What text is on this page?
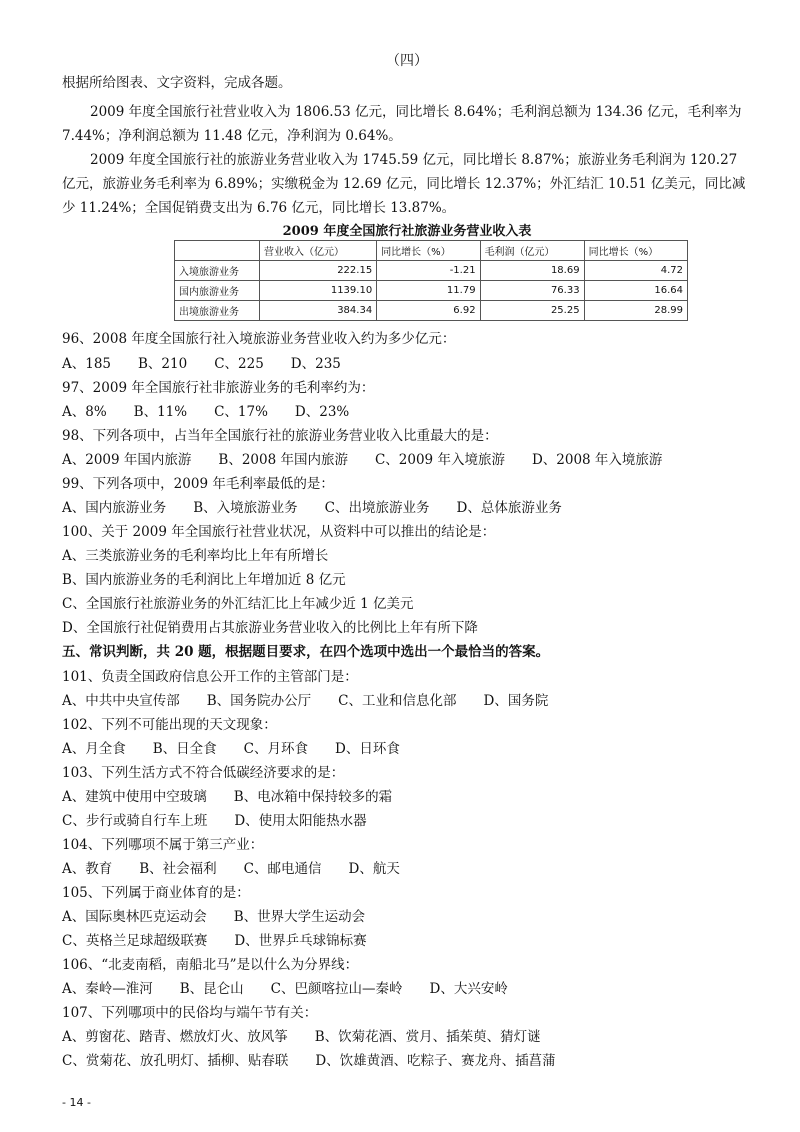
（四）
根据所给图表、文字资料，完成各题。
2009 年度全国旅行社营业收入为 1806.53 亿元，同比增长 8.64%；毛利润总额为 134.36 亿元，毛利率为
7.44%；净利润总额为 11.48 亿元，净利润为 0.64%。
2009 年度全国旅行社的旅游业务营业收入为 1745.59 亿元，同比增长 8.87%；旅游业务毛利润为 120.27
亿元，旅游业务毛利率为 6.89%；实缴税金为 12.69 亿元，同比增长 12.37%；外汇结汇 10.51 亿美元，同比减
少 11.24%；全国促销费支出为 6.76 亿元，同比增长 13.87%。
2009 年度全国旅行社旅游业务营业收入表
	营业收入（亿元）	同比增长（%）	毛利润（亿元）	同比增长（%）
入境旅游业务	222.15	-1.21	18.69	4.72
国内旅游业务	1139.10	11.79	76.33	16.64
出境旅游业务	384.34	6.92	25.25	28.99
96、2008 年度全国旅行社入境旅游业务营业收入约为多少亿元：
A、185　　B、210　　C、225　　D、235
97、2009 年全国旅行社非旅游业务的毛利率约为：
A、8%　　B、11%　　C、17%　　D、23%
98、下列各项中，占当年全国旅行社的旅游业务营业收入比重最大的是：
A、2009 年国内旅游　　B、2008 年国内旅游　　C、2009 年入境旅游　　D、2008 年入境旅游
99、下列各项中，2009 年毛利率最低的是：
A、国内旅游业务　　B、入境旅游业务　　C、出境旅游业务　　D、总体旅游业务
100、关于 2009 年全国旅行社营业状况，从资料中可以推出的结论是：
A、三类旅游业务的毛利率均比上年有所增长
B、国内旅游业务的毛利润比上年增加近 8 亿元
C、全国旅行社旅游业务的外汇结汇比上年减少近 1 亿美元
D、全国旅行社促销费用占其旅游业务营业收入的比例比上年有所下降
五、常识判断，共 20 题，根据题目要求，在四个选项中选出一个最恰当的答案。
101、负责全国政府信息公开工作的主管部门是：
A、中共中央宣传部　　B、国务院办公厅　　C、工业和信息化部　　D、国务院
102、下列不可能出现的天文现象：
A、月全食　　B、日全食　　C、月环食　　D、日环食
103、下列生活方式不符合低碳经济要求的是：
A、建筑中使用中空玻璃　　B、电冰箱中保持较多的霜
C、步行或骑自行车上班　　D、使用太阳能热水器
104、下列哪项不属于第三产业：
A、教育　　B、社会福利　　C、邮电通信　　D、航天
105、下列属于商业体育的是：
A、国际奥林匹克运动会　　B、世界大学生运动会
C、英格兰足球超级联赛　　D、世界乒乓球锦标赛
106、“北麦南稻，南船北马”是以什么为分界线：
A、秦岭—淮河　　B、昆仑山　　C、巴颜喀拉山—秦岭　　D、大兴安岭
107、下列哪项中的民俗均与端午节有关：
A、剪窗花、踏青、燃放灯火、放风筝　　B、饮菊花酒、赏月、插茱萸、猜灯谜
C、赏菊花、放孔明灯、插柳、贴春联　　D、饮雄黄酒、吃粽子、赛龙舟、插菖蒲
- 14 -
